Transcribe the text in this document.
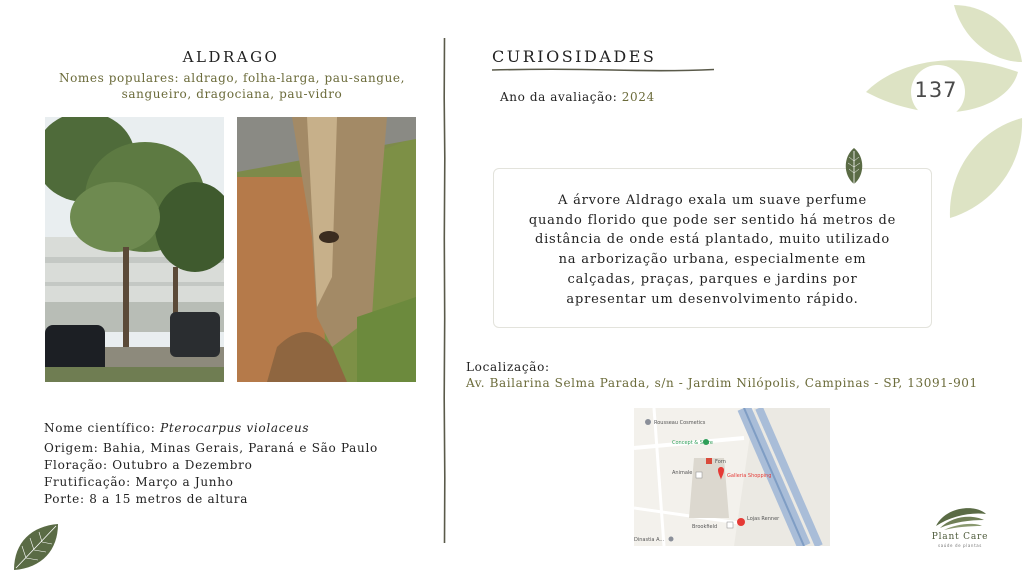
ALDRAGO
Nomes populares: aldrago, folha-larga, pau-sangue,
sangueiro, dragociana, pau-vidro
Nome científico: Pterocarpus violaceus
Origem: Bahia, Minas Gerais, Paraná e São Paulo
Floração: Outubro a Dezembro
Frutificação: Março a Junho
Porte: 8 a 15 metros de altura
CURIOSIDADES
Ano da avaliação: 2024	137
A árvore Aldrago exala um suave perfume
quando florido que pode ser sentido há metros de
distância de onde está plantado, muito utilizado
na arborização urbana, especialmente em
calçadas, praças, parques e jardins por
apresentar um desenvolvimento rápido.
Localização:
Av. Bailarina Selma Parada, s/n - Jardim Nilópolis, Campinas - SP, 13091-901
Rousseau Cosmetics
Concept & Store
Forn
Animale	Galleria Shopping
Lojas Renner
Brookfield
Dinastia A...	Plant Care
saúde de plantas
